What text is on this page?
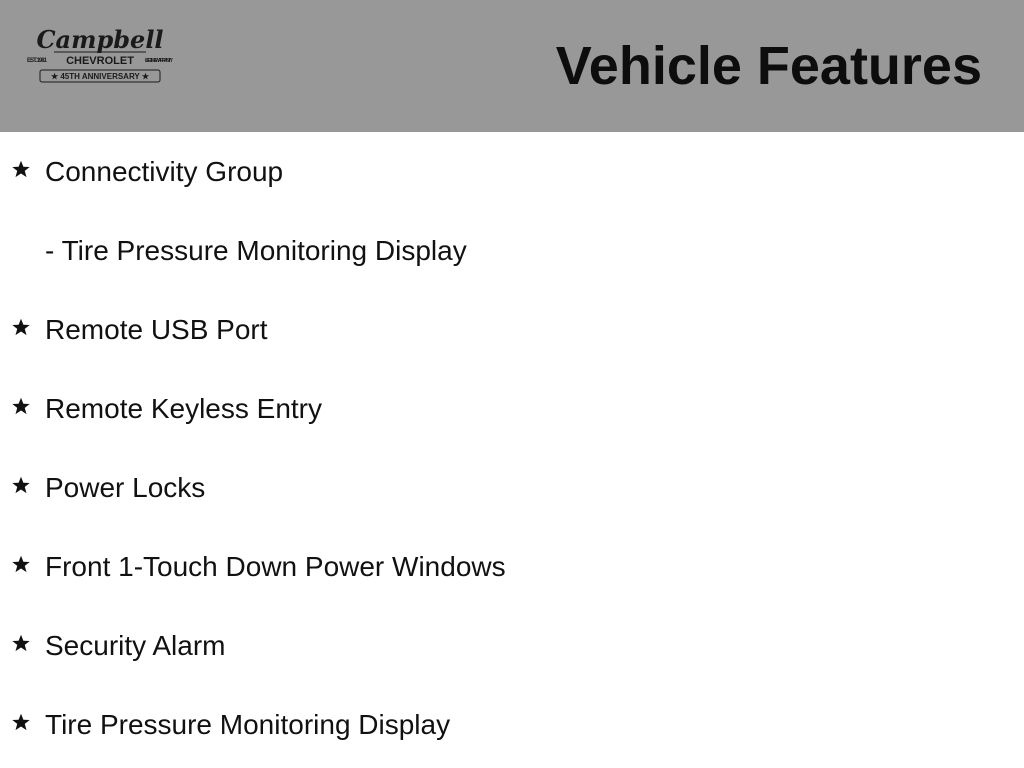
Campbell
EST. 1981 CHEVROLET LIFETIME WARRANTY
★ 45TH ANNIVERSARY ★	Vehicle Features
Connectivity Group
- Tire Pressure Monitoring Display
Remote USB Port
Remote Keyless Entry
Power Locks
Front 1-Touch Down Power Windows
Security Alarm
Tire Pressure Monitoring Display
